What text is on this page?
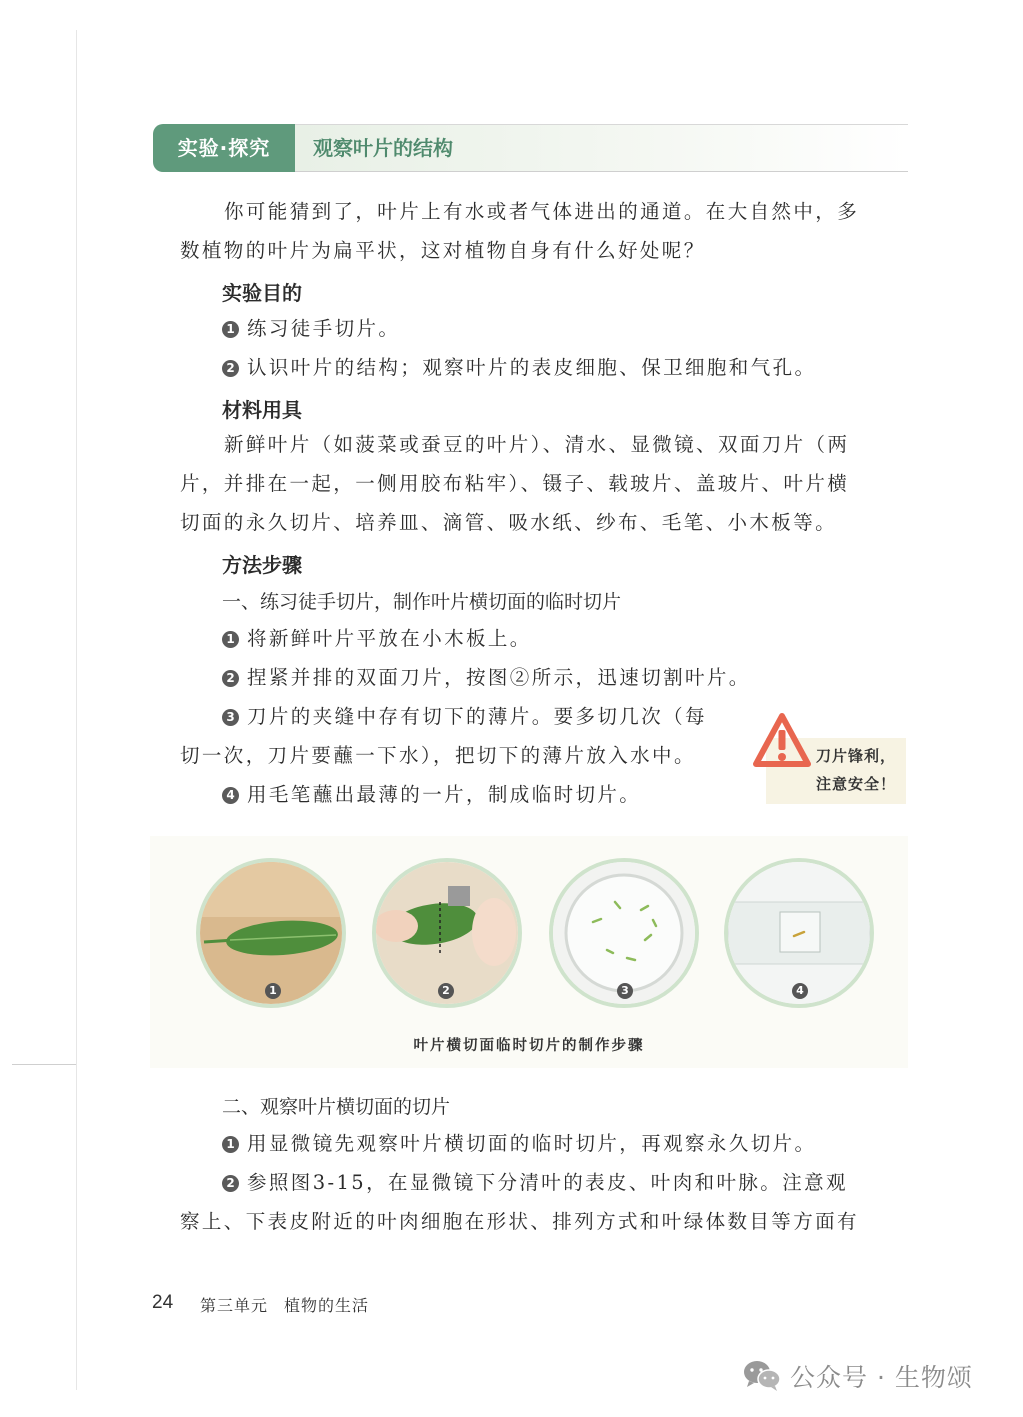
实验·探究	观察叶片的结构
你可能猜到了，叶片上有水或者气体进出的通道。在大自然中，多
数植物的叶片为扁平状，这对植物自身有什么好处呢？
实验目的
1 练习徒手切片。
2 认识叶片的结构；观察叶片的表皮细胞、保卫细胞和气孔。
材料用具
新鲜叶片（如菠菜或蚕豆的叶片）、清水、显微镜、双面刀片（两
片，并排在一起，一侧用胶布粘牢）、镊子、载玻片、盖玻片、叶片横
切面的永久切片、培养皿、滴管、吸水纸、纱布、毛笔、小木板等。
方法步骤
一、练习徒手切片，制作叶片横切面的临时切片
1 将新鲜叶片平放在小木板上。
2 捏紧并排的双面刀片，按图②所示，迅速切割叶片。
3 刀片的夹缝中存有切下的薄片。要多切几次（每
切一次，刀片要蘸一下水），把切下的薄片放入水中。
4 用毛笔蘸出最薄的一片，制成临时切片。
刀片锋利，
注意安全！
1	2	3	4
叶片横切面临时切片的制作步骤
二、观察叶片横切面的切片
1 用显微镜先观察叶片横切面的临时切片，再观察永久切片。
2 参照图3-15，在显微镜下分清叶的表皮、叶肉和叶脉。注意观
察上、下表皮附近的叶肉细胞在形状、排列方式和叶绿体数目等方面有
24 第三单元 植物的生活
公众号 · 生物颂
